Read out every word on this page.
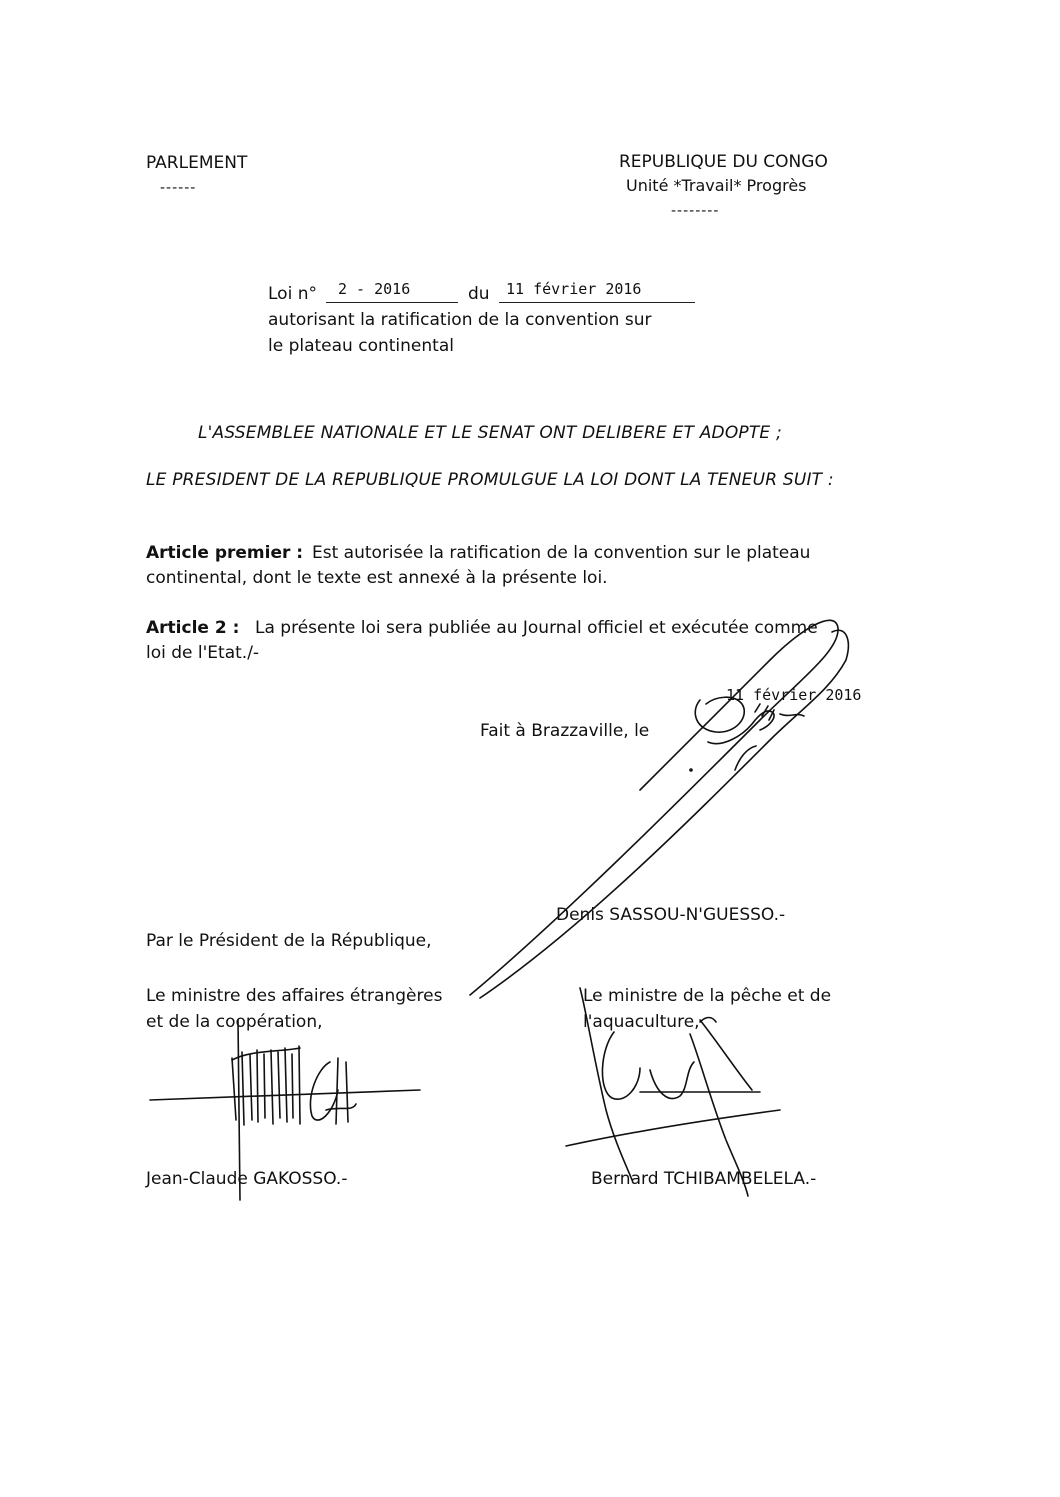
PARLEMENT
------
REPUBLIQUE DU CONGO
Unité *Travail* Progrès
--------
Loi n° 2 - 2016	du 11 février 2016
autorisant la ratification de la convention sur
le plateau continental
L'ASSEMBLEE NATIONALE ET LE SENAT ONT DELIBERE ET ADOPTE ;
LE PRESIDENT DE LA REPUBLIQUE PROMULGUE LA LOI DONT LA TENEUR SUIT :
Article premier : Est autorisée la ratification de la convention sur le plateau
continental, dont le texte est annexé à la présente loi.
Article 2 : La présente loi sera publiée au Journal officiel et exécutée comme
loi de l'Etat./-
11 février 2016
Fait à Brazzaville, le
Denis SASSOU-N'GUESSO.-
Par le Président de la République,
Le ministre des affaires étrangères
et de la coopération,
Jean-Claude GAKOSSO.-
Le ministre de la pêche et de
l'aquaculture,
Bernard TCHIBAMBELELA.-
